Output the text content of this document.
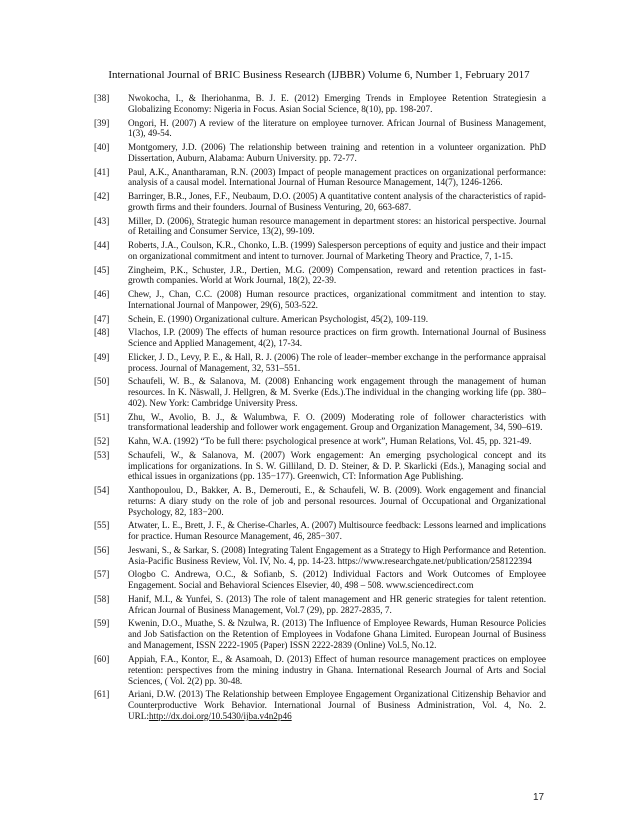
International Journal of BRIC Business Research (IJBBR) Volume 6, Number 1, February 2017
[38]	Nwokocha, I., & Iheriohanma, B. J. E. (2012) Emerging Trends in Employee Retention Strategiesin a Globalizing Economy: Nigeria in Focus. Asian Social Science, 8(10), pp. 198-207.
[39]	Ongori, H. (2007) A review of the literature on employee turnover. African Journal of Business Management, 1(3), 49-54.
[40]	Montgomery, J.D. (2006) The relationship between training and retention in a volunteer organization. PhD Dissertation, Auburn, Alabama: Auburn University. pp. 72-77.
[41]	Paul, A.K., Anantharaman, R.N. (2003) Impact of people management practices on organizational performance: analysis of a causal model. International Journal of Human Resource Management, 14(7), 1246-1266.
[42]	Barringer, B.R., Jones, F.F., Neubaum, D.O. (2005) A quantitative content analysis of the characteristics of rapid-growth firms and their founders. Journal of Business Venturing, 20, 663-687.
[43]	Miller, D. (2006), Strategic human resource management in department stores: an historical perspective. Journal of Retailing and Consumer Service, 13(2), 99-109.
[44]	Roberts, J.A., Coulson, K.R., Chonko, L.B. (1999) Salesperson perceptions of equity and justice and their impact on organizational commitment and intent to turnover. Journal of Marketing Theory and Practice, 7, 1-15.
[45]	Zingheim, P.K., Schuster, J.R., Dertien, M.G. (2009) Compensation, reward and retention practices in fast-growth companies. World at Work Journal, 18(2), 22-39.
[46]	Chew, J., Chan, C.C. (2008) Human resource practices, organizational commitment and intention to stay. International Journal of Manpower, 29(6), 503-522.
[47]	Schein, E. (1990) Organizational culture. American Psychologist, 45(2), 109-119.
[48]	Vlachos, I.P. (2009) The effects of human resource practices on firm growth. International Journal of Business Science and Applied Management, 4(2), 17-34.
[49]	Elicker, J. D., Levy, P. E., & Hall, R. J. (2006) The role of leader–member exchange in the performance appraisal process. Journal of Management, 32, 531–551.
[50]	Schaufeli, W. B., & Salanova, M. (2008) Enhancing work engagement through the management of human resources. In K. Näswall, J. Hellgren, & M. Sverke (Eds.).The individual in the changing working life (pp. 380–402). New York: Cambridge University Press.
[51]	Zhu, W., Avolio, B. J., & Walumbwa, F. O. (2009) Moderating role of follower characteristics with transformational leadership and follower work engagement. Group and Organization Management, 34, 590–619.
[52]	Kahn, W.A. (1992) “To be full there: psychological presence at work”, Human Relations, Vol. 45, pp. 321-49.
[53]	Schaufeli, W., & Salanova, M. (2007) Work engagement: An emerging psychological concept and its implications for organizations. In S. W. Gilliland, D. D. Steiner, & D. P. Skarlicki (Eds.), Managing social and ethical issues in organizations (pp. 135−177). Greenwich, CT: Information Age Publishing.
[54]	Xanthopoulou, D., Bakker, A. B., Demerouti, E., & Schaufeli, W. B. (2009). Work engagement and financial returns: A diary study on the role of job and personal resources. Journal of Occupational and Organizational Psychology, 82, 183−200.
[55]	Atwater, L. E., Brett, J. F., & Cherise-Charles, A. (2007) Multisource feedback: Lessons learned and implications for practice. Human Resource Management, 46, 285−307.
[56]	Jeswani, S., & Sarkar, S. (2008) Integrating Talent Engagement as a Strategy to High Performance and Retention. Asia-Pacific Business Review, Vol. IV, No. 4, pp. 14-23. https://www.researchgate.net/publication/258122394
[57]	Ologbo C. Andrewa, O.C., & Sofianb, S. (2012) Individual Factors and Work Outcomes of Employee Engagement. Social and Behavioral Sciences Elsevier, 40, 498 – 508. www.sciencedirect.com
[58]	Hanif, M.I., & Yunfei, S. (2013) The role of talent management and HR generic strategies for talent retention. African Journal of Business Management, Vol.7 (29), pp. 2827-2835, 7.
[59]	Kwenin, D.O., Muathe, S. & Nzulwa, R. (2013) The Influence of Employee Rewards, Human Resource Policies and Job Satisfaction on the Retention of Employees in Vodafone Ghana Limited. European Journal of Business and Management, ISSN 2222-1905 (Paper) ISSN 2222-2839 (Online) Vol.5, No.12.
[60]	Appiah, F.A., Kontor, E., & Asamoah, D. (2013) Effect of human resource management practices on employee retention: perspectives from the mining industry in Ghana. International Research Journal of Arts and Social Sciences, ( Vol. 2(2) pp. 30-48.
[61]	Ariani, D.W. (2013) The Relationship between Employee Engagement Organizational Citizenship Behavior and Counterproductive Work Behavior. International Journal of Business Administration, Vol. 4, No. 2. URL:http://dx.doi.org/10.5430/ijba.v4n2p46
17
